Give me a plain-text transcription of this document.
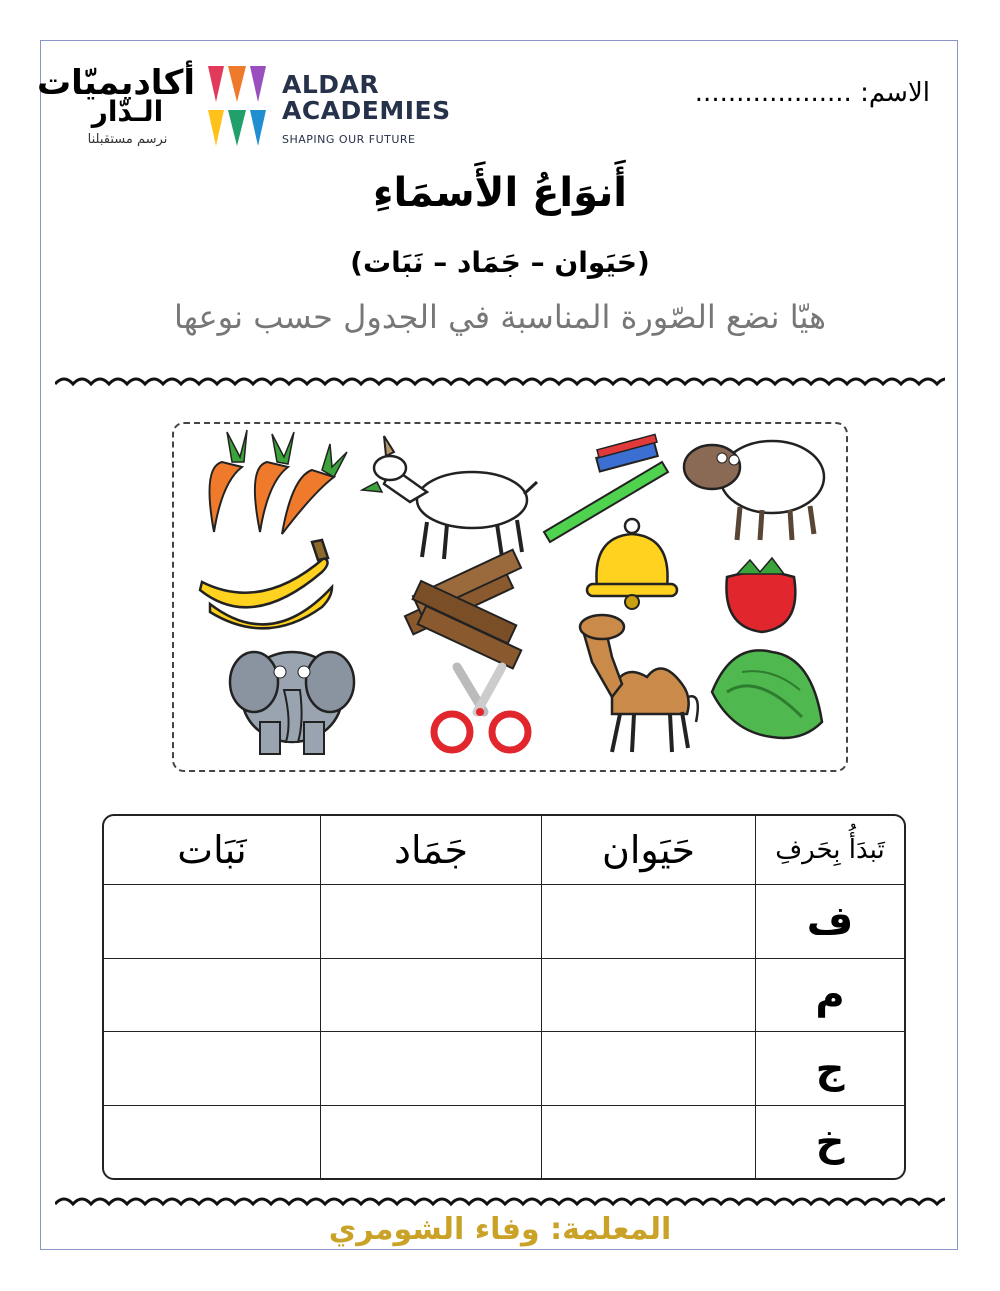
أكاديميّات
الـدّار
نرسم مستقبلنا
ALDAR
ACADEMIES
SHAPING OUR FUTURE
الاسم: ...................
أَنوَاعُ الأَسمَاءِ
(حَيَوان – جَمَاد – نَبَات)
هيّا نضع الصّورة المناسبة في الجدول حسب نوعها
تَبدَأُ بِحَرفِ	حَيَوان	جَمَاد	نَبَات
ف			
م			
ج			
خ			
المعلمة: وفاء الشومري
